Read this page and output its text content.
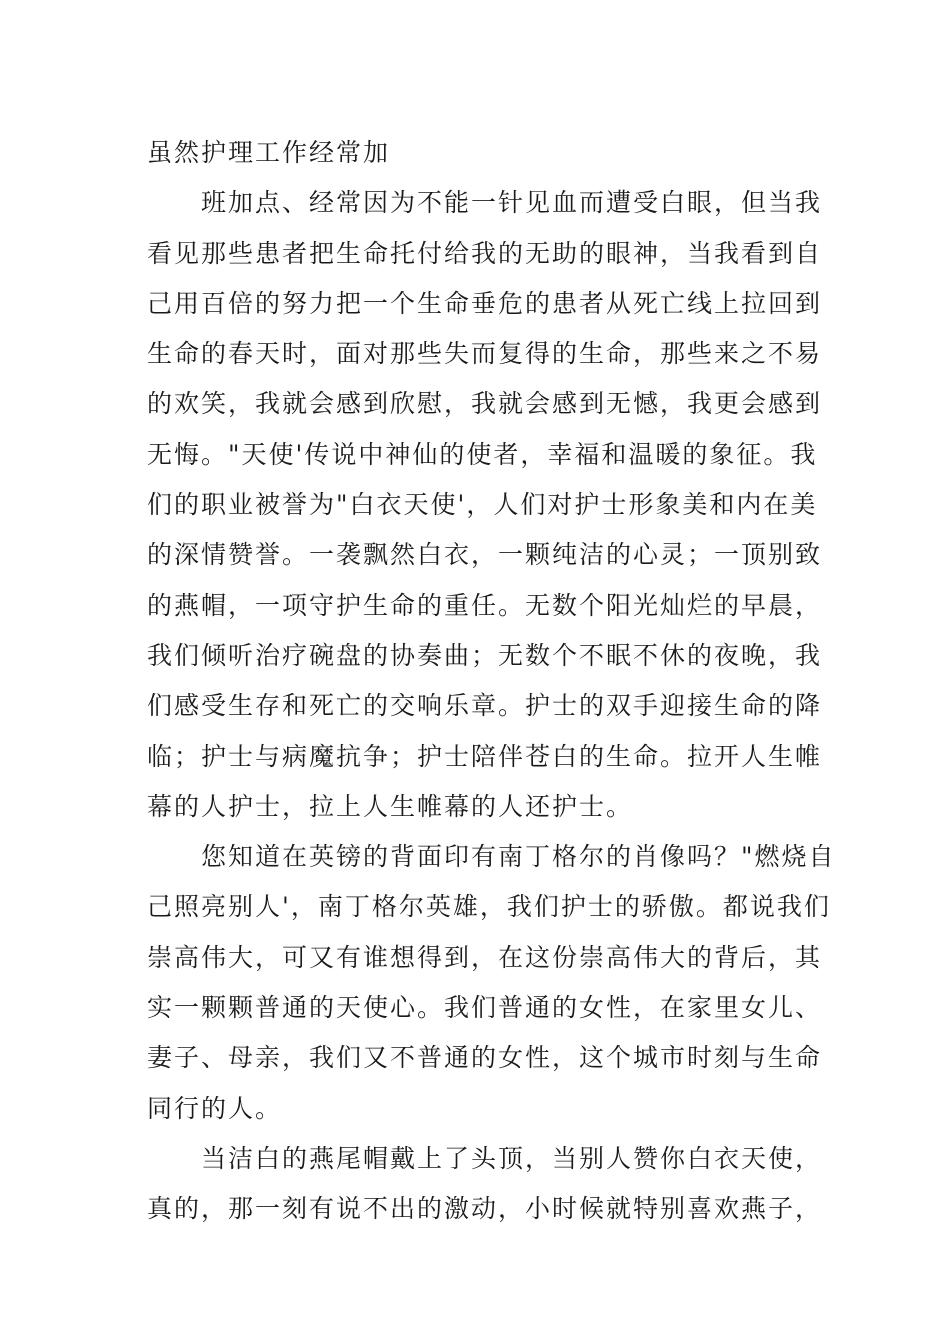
虽然护理工作经常加
班加点、经常因为不能一针见血而遭受白眼，但当我
看见那些患者把生命托付给我的无助的眼神，当我看到自
己用百倍的努力把一个生命垂危的患者从死亡线上拉回到
生命的春天时，面对那些失而复得的生命，那些来之不易
的欢笑，我就会感到欣慰，我就会感到无憾，我更会感到
无悔。"天使'传说中神仙的使者，幸福和温暖的象征。我
们的职业被誉为"白衣天使'，人们对护士形象美和内在美
的深情赞誉。一袭飘然白衣，一颗纯洁的心灵；一顶别致
的燕帽，一项守护生命的重任。无数个阳光灿烂的早晨，
我们倾听治疗碗盘的协奏曲；无数个不眠不休的夜晚，我
们感受生存和死亡的交响乐章。护士的双手迎接生命的降
临；护士与病魔抗争；护士陪伴苍白的生命。拉开人生帷
幕的人护士，拉上人生帷幕的人还护士。
您知道在英镑的背面印有南丁格尔的肖像吗？"燃烧自
己照亮别人'，南丁格尔英雄，我们护士的骄傲。都说我们
崇高伟大，可又有谁想得到，在这份崇高伟大的背后，其
实一颗颗普通的天使心。我们普通的女性，在家里女儿、
妻子、母亲，我们又不普通的女性，这个城市时刻与生命
同行的人。
当洁白的燕尾帽戴上了头顶，当别人赞你白衣天使，
真的，那一刻有说不出的激动，小时候就特别喜欢燕子，
